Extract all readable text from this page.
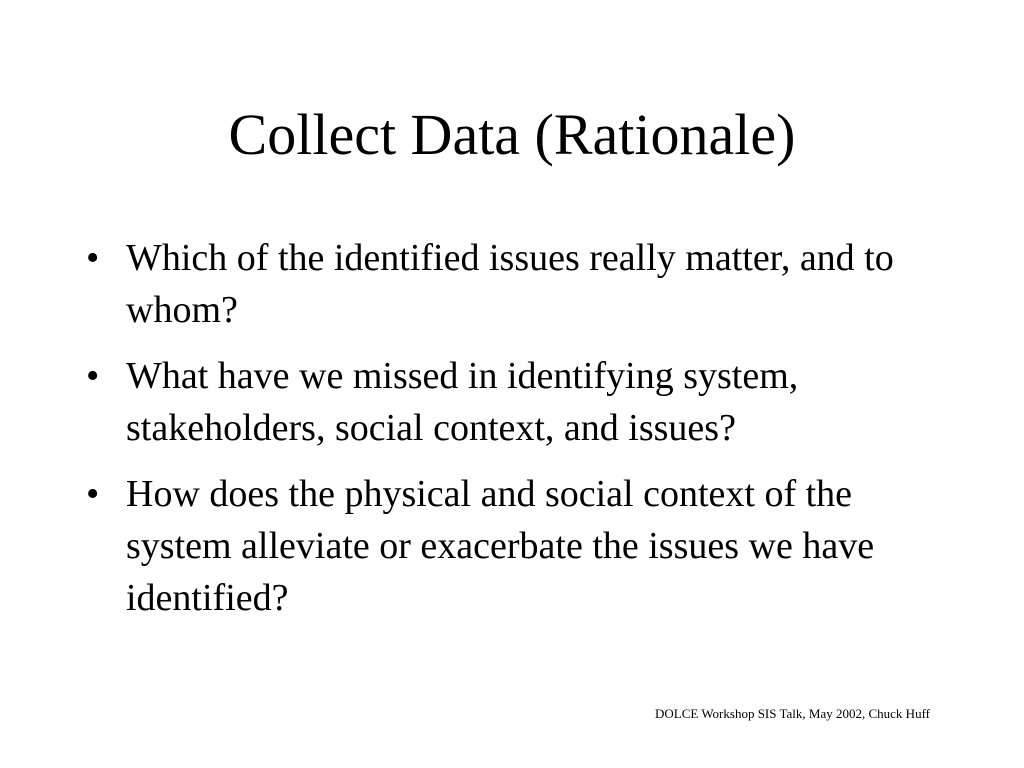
Collect Data (Rationale)
• Which of the identified issues really matter, and to whom?
• What have we missed in identifying system, stakeholders, social context, and issues?
• How does the physical and social context of the system alleviate or exacerbate the issues we have identified?
DOLCE Workshop SIS Talk, May 2002, Chuck Huff
